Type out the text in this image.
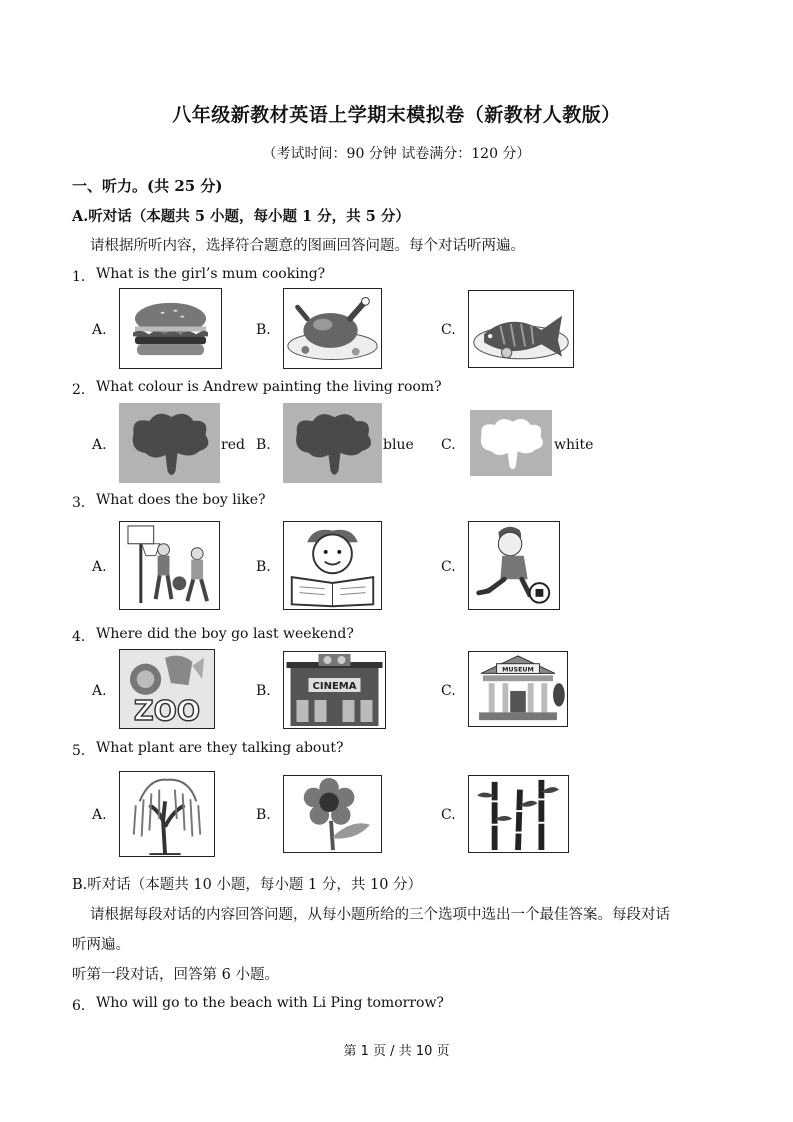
八年级新教材英语上学期末模拟卷（新教材人教版）
（考试时间：90 分钟 试卷满分：120 分）
一、听力。(共 25 分)
A.听对话（本题共 5 小题，每小题 1 分，共 5 分）
请根据所听内容，选择符合题意的图画回答问题。每个对话听两遍。
1． What is the girl’s mum cooking?
A.	B.	C.
2． What colour is Andrew painting the living room?
A.	red B.	blue C.	white
3． What does the boy like?
A.	B.	C.
4． Where did the boy go last weekend?
A.
ZOO
B.	CINEMA	C.
MUSEUM
5． What plant are they talking about?
A.	B.	C.
B.听对话（本题共 10 小题，每小题 1 分，共 10 分）
请根据每段对话的内容回答问题，从每小题所给的三个选项中选出一个最佳答案。每段对话
听两遍。
听第一段对话，回答第 6 小题。
6． Who will go to the beach with Li Ping tomorrow?
第 1 页 / 共 10 页
